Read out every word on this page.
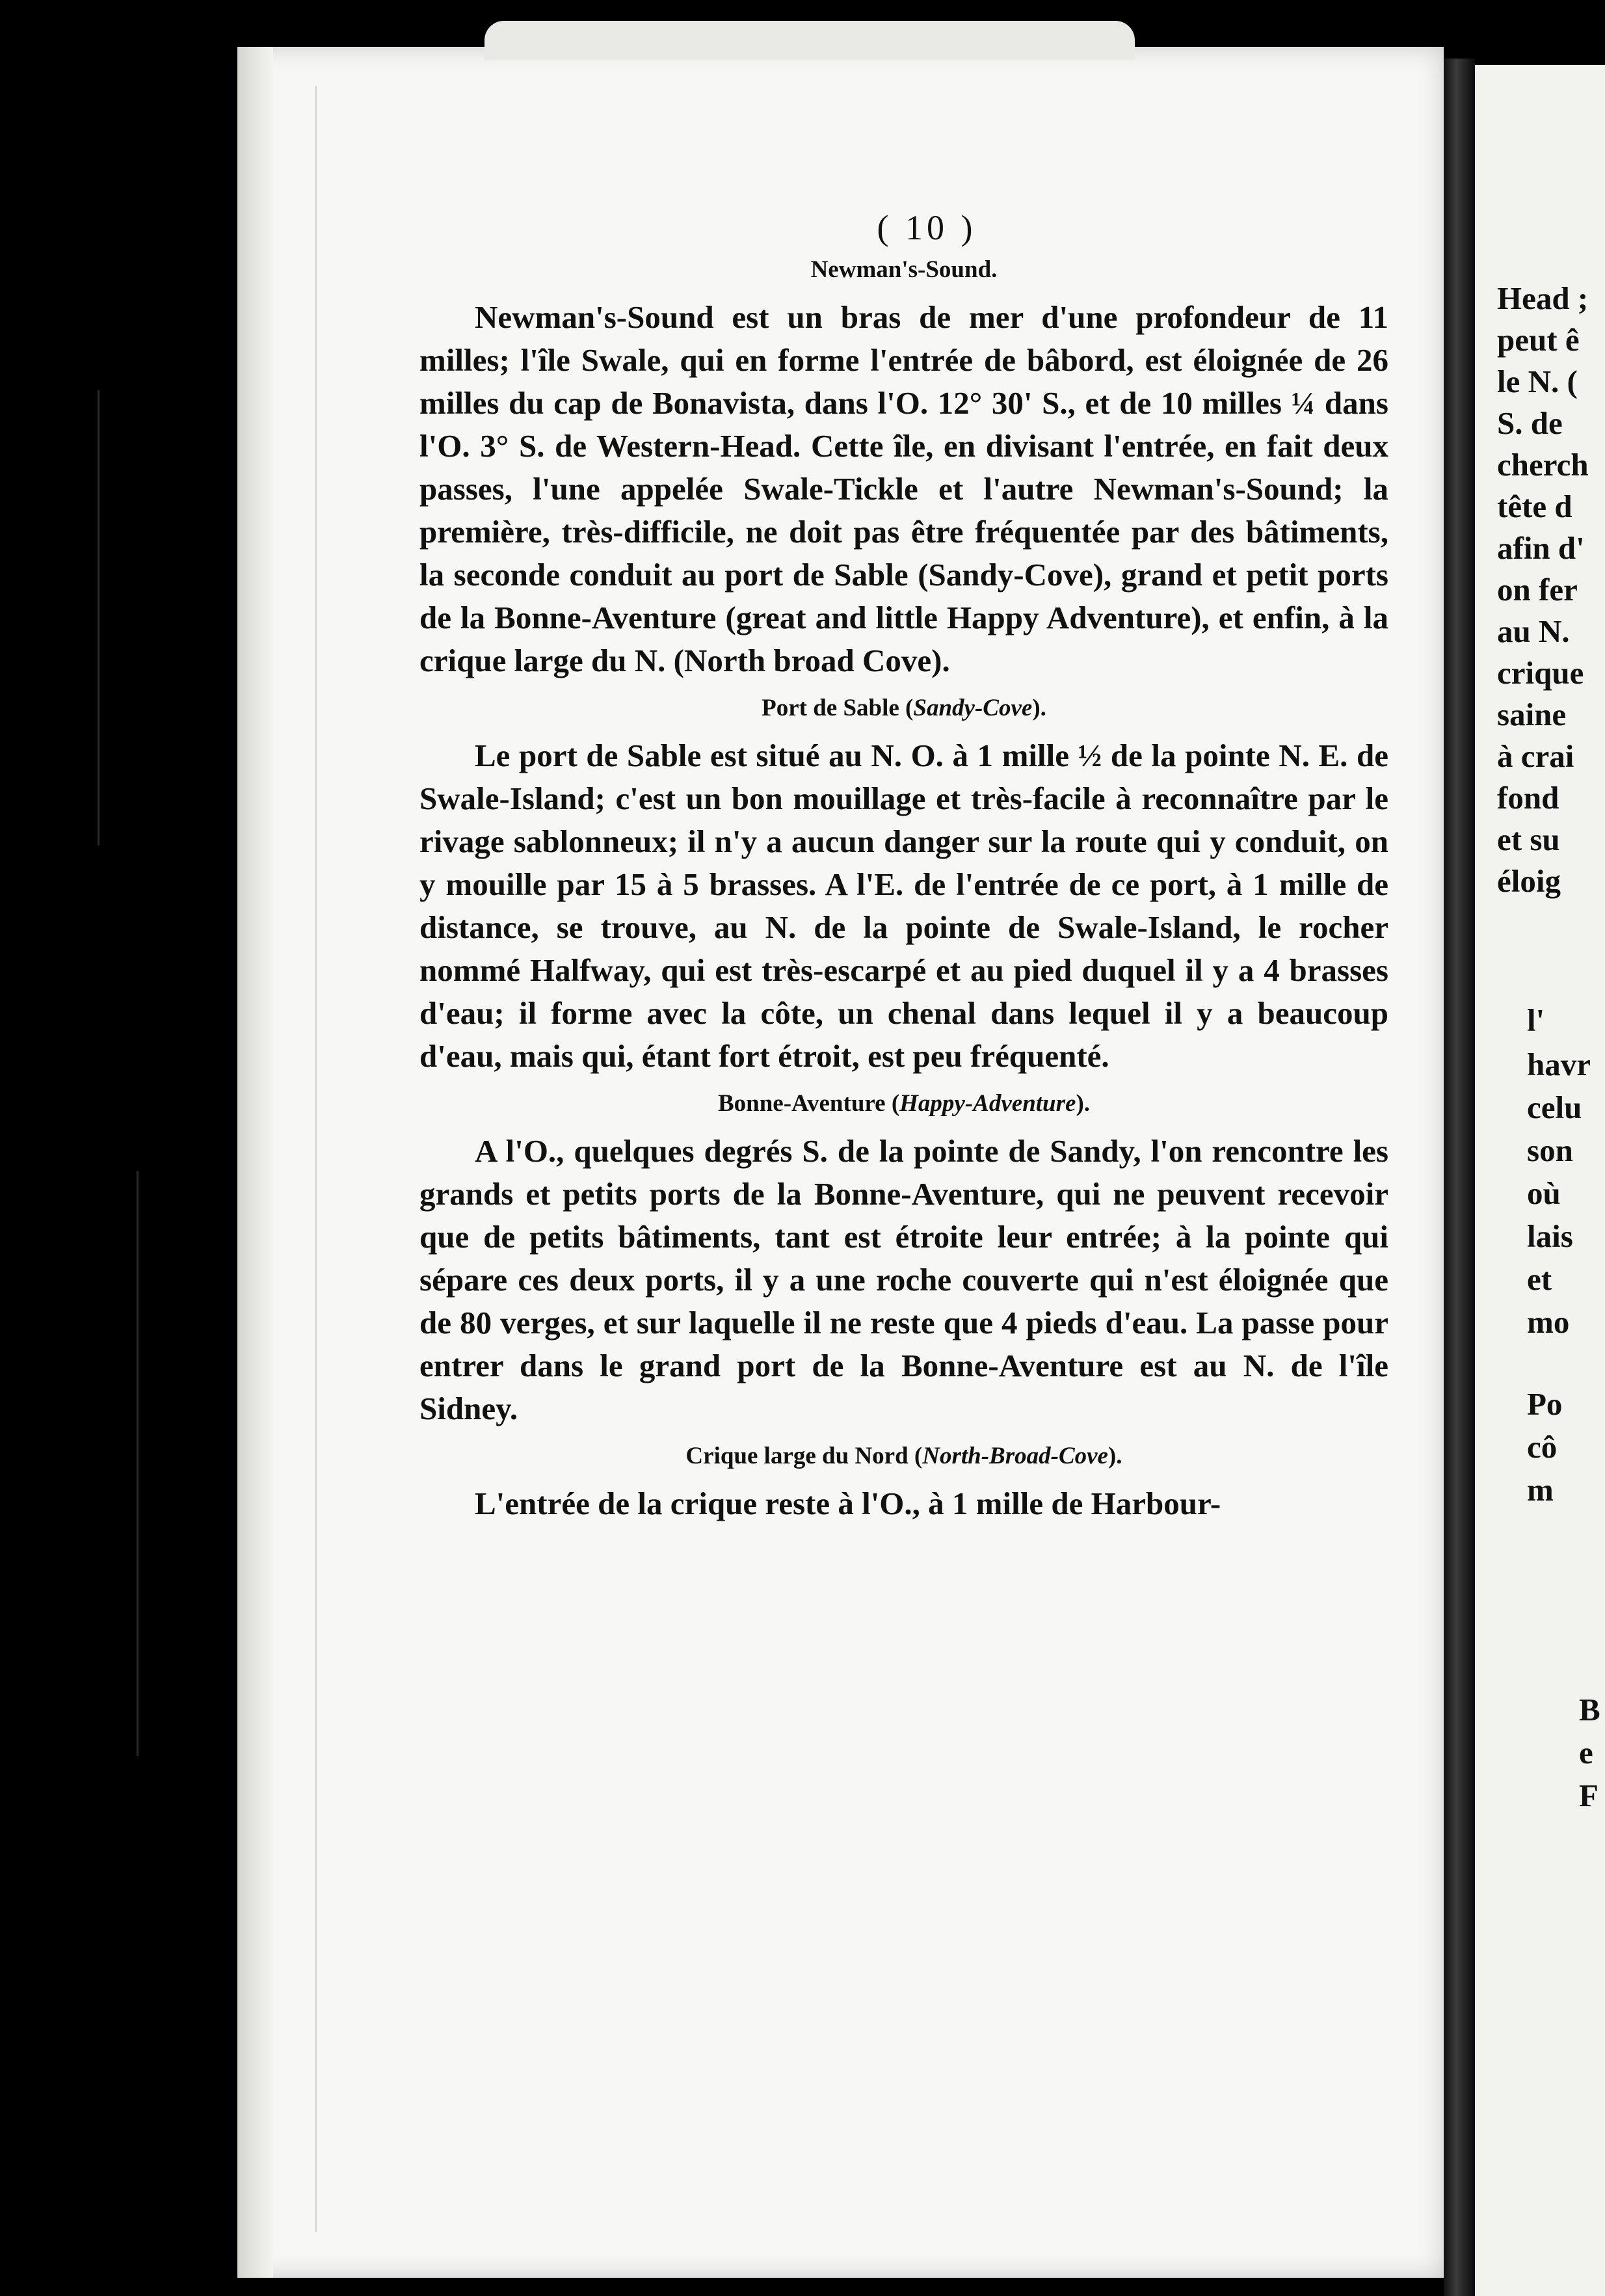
( 10 )
Newman's-Sound.

Newman's-Sound est un bras de mer d'une profondeur de 11 milles; l'île Swale, qui en forme l'entrée de bâbord, est éloignée de 26 milles du cap de Bonavista, dans l'O. 12° 30' S., et de 10 milles ¼ dans l'O. 3° S. de Western-Head. Cette île, en divisant l'entrée, en fait deux passes, l'une appelée Swale-Tickle et l'autre Newman's-Sound; la première, très-difficile, ne doit pas être fréquentée par des bâtiments, la seconde conduit au port de Sable (Sandy-Cove), grand et petit ports de la Bonne-Aventure (great and little Happy Adventure), et enfin, à la crique large du N. (North broad Cove).

Port de Sable (Sandy-Cove).

Le port de Sable est situé au N. O. à 1 mille ½ de la pointe N. E. de Swale-Island; c'est un bon mouillage et très-facile à reconnaître par le rivage sablonneux; il n'y a aucun danger sur la route qui y conduit, on y mouille par 15 à 5 brasses. A l'E. de l'entrée de ce port, à 1 mille de distance, se trouve, au N. de la pointe de Swale-Island, le rocher nommé Halfway, qui est très-escarpé et au pied duquel il y a 4 brasses d'eau; il forme avec la côte, un chenal dans lequel il y a beaucoup d'eau, mais qui, étant fort étroit, est peu fréquenté.

Bonne-Aventure (Happy-Adventure).

A l'O., quelques degrés S. de la pointe de Sandy, l'on rencontre les grands et petits ports de la Bonne-Aventure, qui ne peuvent recevoir que de petits bâtiments, tant est étroite leur entrée; à la pointe qui sépare ces deux ports, il y a une roche couverte qui n'est éloignée que de 80 verges, et sur laquelle il ne reste que 4 pieds d'eau. La passe pour entrer dans le grand port de la Bonne-Aventure est au N. de l'île Sidney.

Crique large du Nord (North-Broad-Cove).

L'entrée de la crique reste à l'O., à 1 mille de Harbour-

Head ;
peut ê
le N. (
S. de
cherch
tête d
afin d'
on fer
au N.
crique
saine
à crai
fond
et su
éloig
l'
havr
celu
son
où
lais
et
mo
Po
cô
m
B
e
F
